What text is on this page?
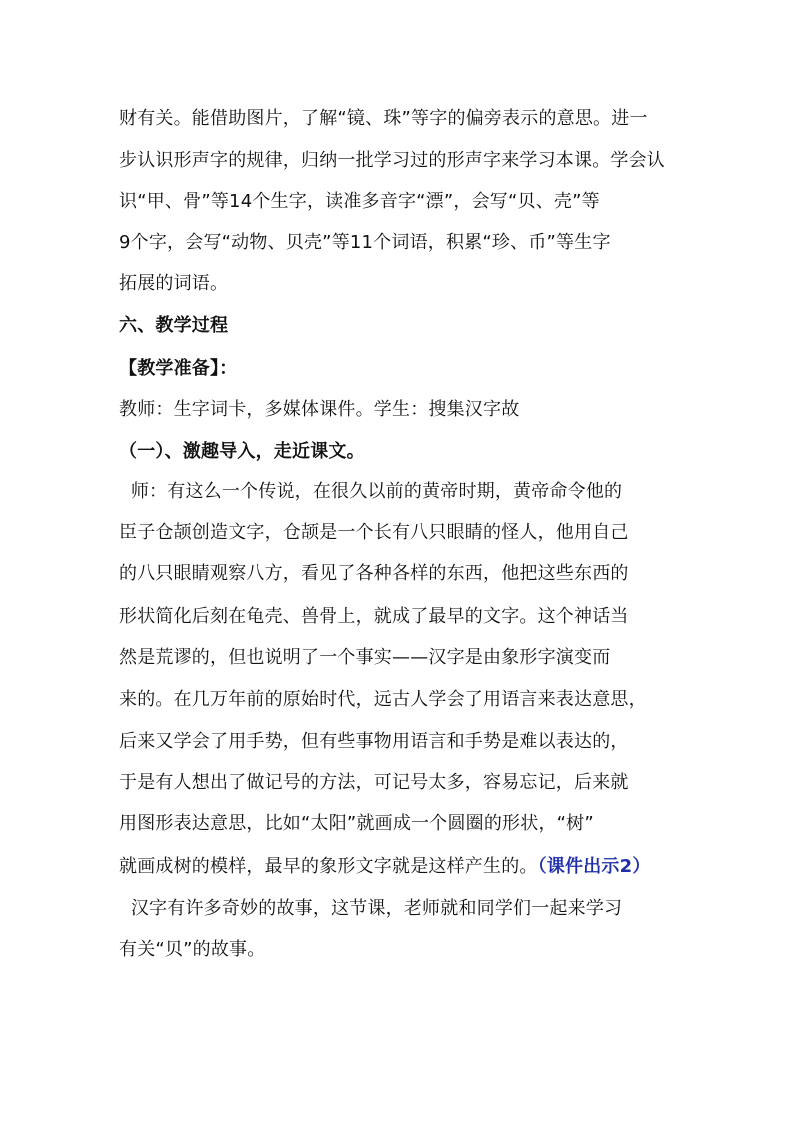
财有关。能借助图片，了解“镜、珠”等字的偏旁表示的意思。进一
步认识形声字的规律，归纳一批学习过的形声字来学习本课。学会认
识“甲、骨”等14个生字，读准多音字“漂”，会写“贝、壳”等
9个字，会写“动物、贝壳”等11个词语，积累“珍、币”等生字
拓展的词语。
六、教学过程
【教学准备】：
教师：生字词卡，多媒体课件。学生：搜集汉字故
（一）、激趣导入，走近课文。
师：有这么一个传说，在很久以前的黄帝时期，黄帝命令他的
臣子仓颉创造文字，仓颉是一个长有八只眼睛的怪人，他用自己
的八只眼睛观察八方，看见了各种各样的东西，他把这些东西的
形状简化后刻在龟壳、兽骨上，就成了最早的文字。这个神话当
然是荒谬的，但也说明了一个事实——汉字是由象形字演变而
来的。在几万年前的原始时代，远古人学会了用语言来表达意思，
后来又学会了用手势，但有些事物用语言和手势是难以表达的，
于是有人想出了做记号的方法，可记号太多，容易忘记，后来就
用图形表达意思，比如“太阳”就画成一个圆圈的形状，“树”
就画成树的模样，最早的象形文字就是这样产生的。（课件出示2）
汉字有许多奇妙的故事，这节课，老师就和同学们一起来学习
有关“贝”的故事。
